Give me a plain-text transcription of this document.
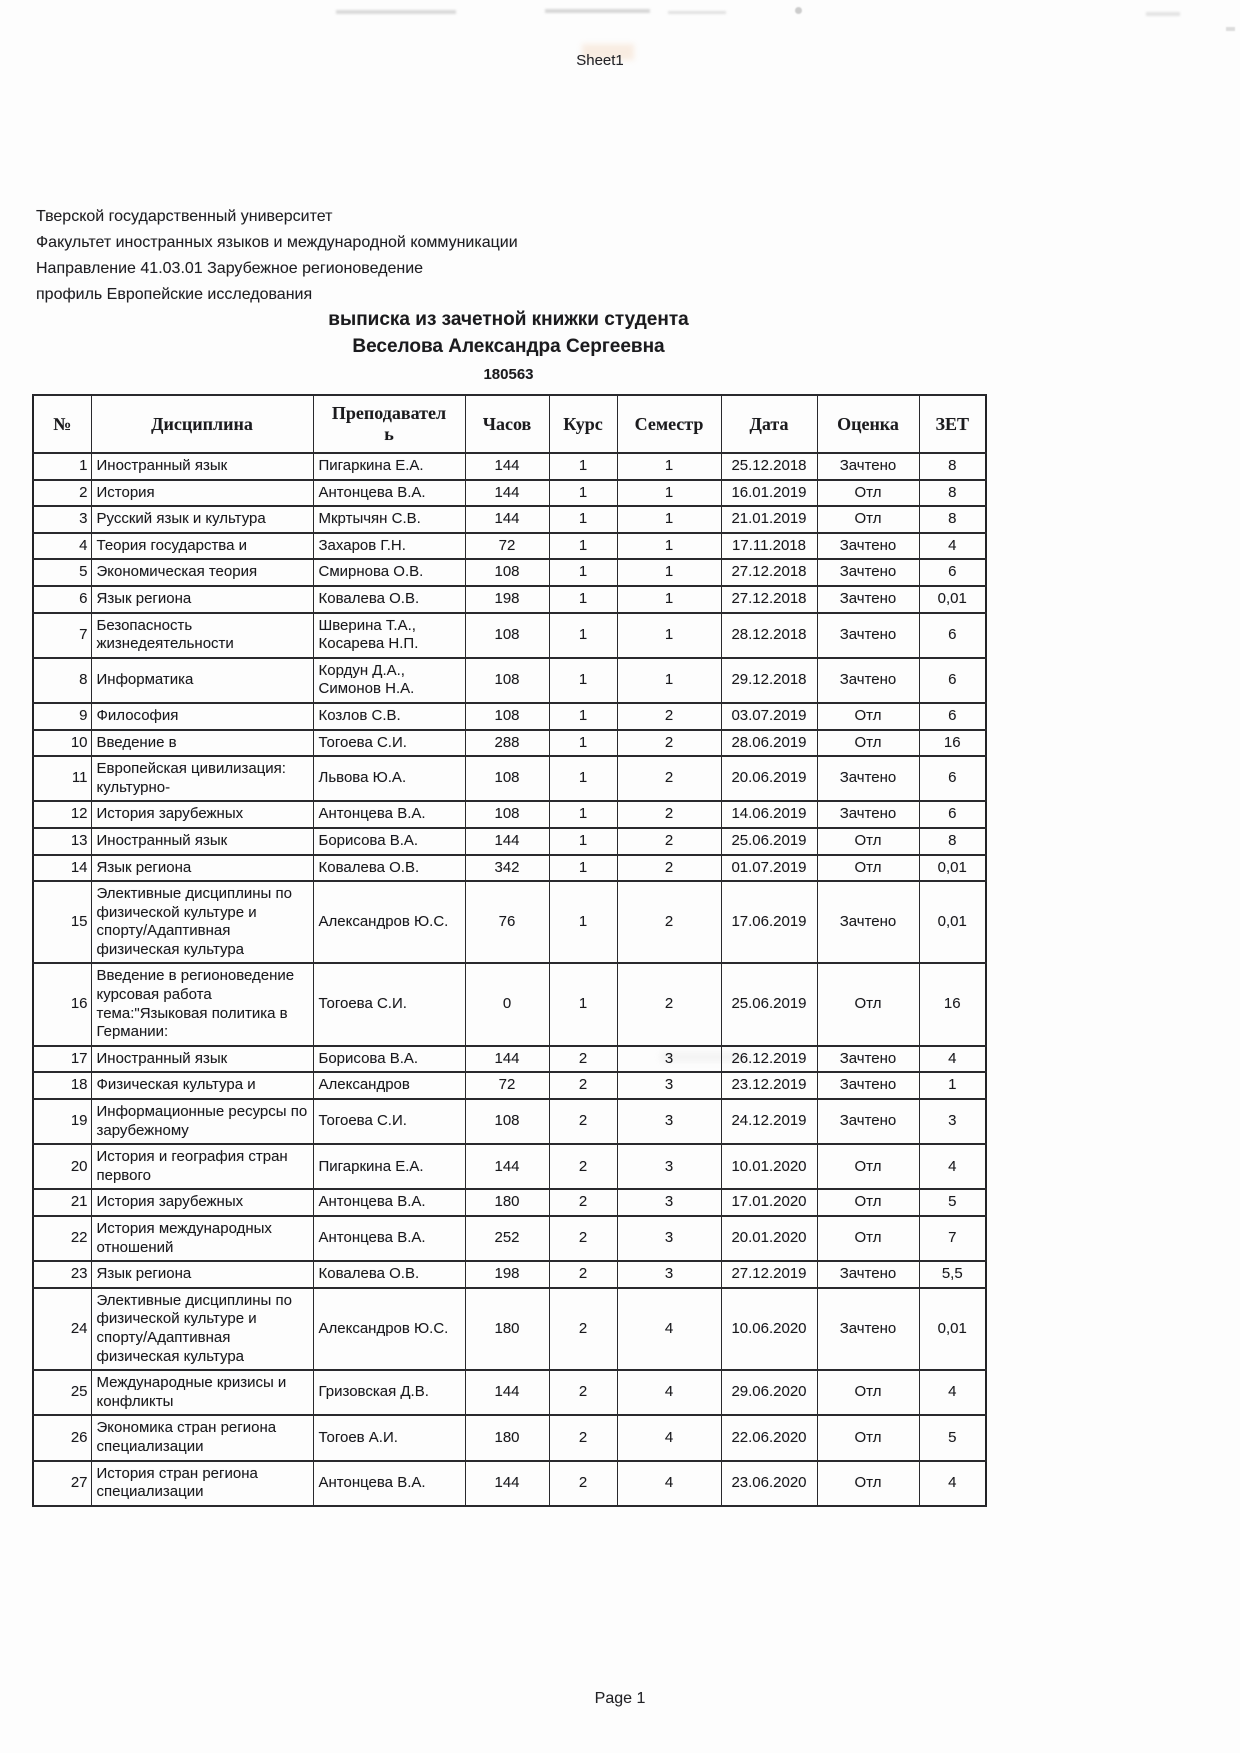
Sheet1
Тверской государственный университет
Факультет иностранных языков и международной коммуникации
Направление 41.03.01 Зарубежное регионоведение
профиль Европейские исследования
выписка из зачетной книжки студента
Веселова Александра Сергеевна
180563
№	Дисциплина	Преподаватель	Часов	Курс	Семестр	Дата	Оценка	ЗЕТ
1	Иностранный язык	Пигаркина Е.А.	144	1	1	25.12.2018	Зачтено	8
2	История	Антонцева В.А.	144	1	1	16.01.2019	Отл	8
3	Русский язык и культура	Мкртычян С.В.	144	1	1	21.01.2019	Отл	8
4	Теория государства и	Захаров Г.Н.	72	1	1	17.11.2018	Зачтено	4
5	Экономическая теория	Смирнова О.В.	108	1	1	27.12.2018	Зачтено	6
6	Язык региона	Ковалева О.В.	198	1	1	27.12.2018	Зачтено	0,01
7	Безопасность жизнедеятельности	Шверина Т.А., Косарева Н.П.	108	1	1	28.12.2018	Зачтено	6
8	Информатика	Кордун Д.А., Симонов Н.А.	108	1	1	29.12.2018	Зачтено	6
9	Философия	Козлов С.В.	108	1	2	03.07.2019	Отл	6
10	Введение в	Тогоева С.И.	288	1	2	28.06.2019	Отл	16
11	Европейская цивилизация: культурно-	Львова Ю.А.	108	1	2	20.06.2019	Зачтено	6
12	История зарубежных	Антонцева В.А.	108	1	2	14.06.2019	Зачтено	6
13	Иностранный язык	Борисова В.А.	144	1	2	25.06.2019	Отл	8
14	Язык региона	Ковалева О.В.	342	1	2	01.07.2019	Отл	0,01
15	Элективные дисциплины по физической культуре и спорту/Адаптивная физическая культура	Александров Ю.С.	76	1	2	17.06.2019	Зачтено	0,01
16	Введение в регионоведение курсовая работа тема:"Языковая политика в Германии:	Тогоева С.И.	0	1	2	25.06.2019	Отл	16
17	Иностранный язык	Борисова В.А.	144	2	3	26.12.2019	Зачтено	4
18	Физическая культура и	Александров	72	2	3	23.12.2019	Зачтено	1
19	Информационные ресурсы по зарубежному	Тогоева С.И.	108	2	3	24.12.2019	Зачтено	3
20	История и география стран первого	Пигаркина Е.А.	144	2	3	10.01.2020	Отл	4
21	История зарубежных	Антонцева В.А.	180	2	3	17.01.2020	Отл	5
22	История международных отношений	Антонцева В.А.	252	2	3	20.01.2020	Отл	7
23	Язык региона	Ковалева О.В.	198	2	3	27.12.2019	Зачтено	5,5
24	Элективные дисциплины по физической культуре и спорту/Адаптивная физическая культура	Александров Ю.С.	180	2	4	10.06.2020	Зачтено	0,01
25	Международные кризисы и конфликты	Гризовская Д.В.	144	2	4	29.06.2020	Отл	4
26	Экономика стран региона специализации	Тогоев А.И.	180	2	4	22.06.2020	Отл	5
27	История стран региона специализации	Антонцева В.А.	144	2	4	23.06.2020	Отл	4
Page 1
